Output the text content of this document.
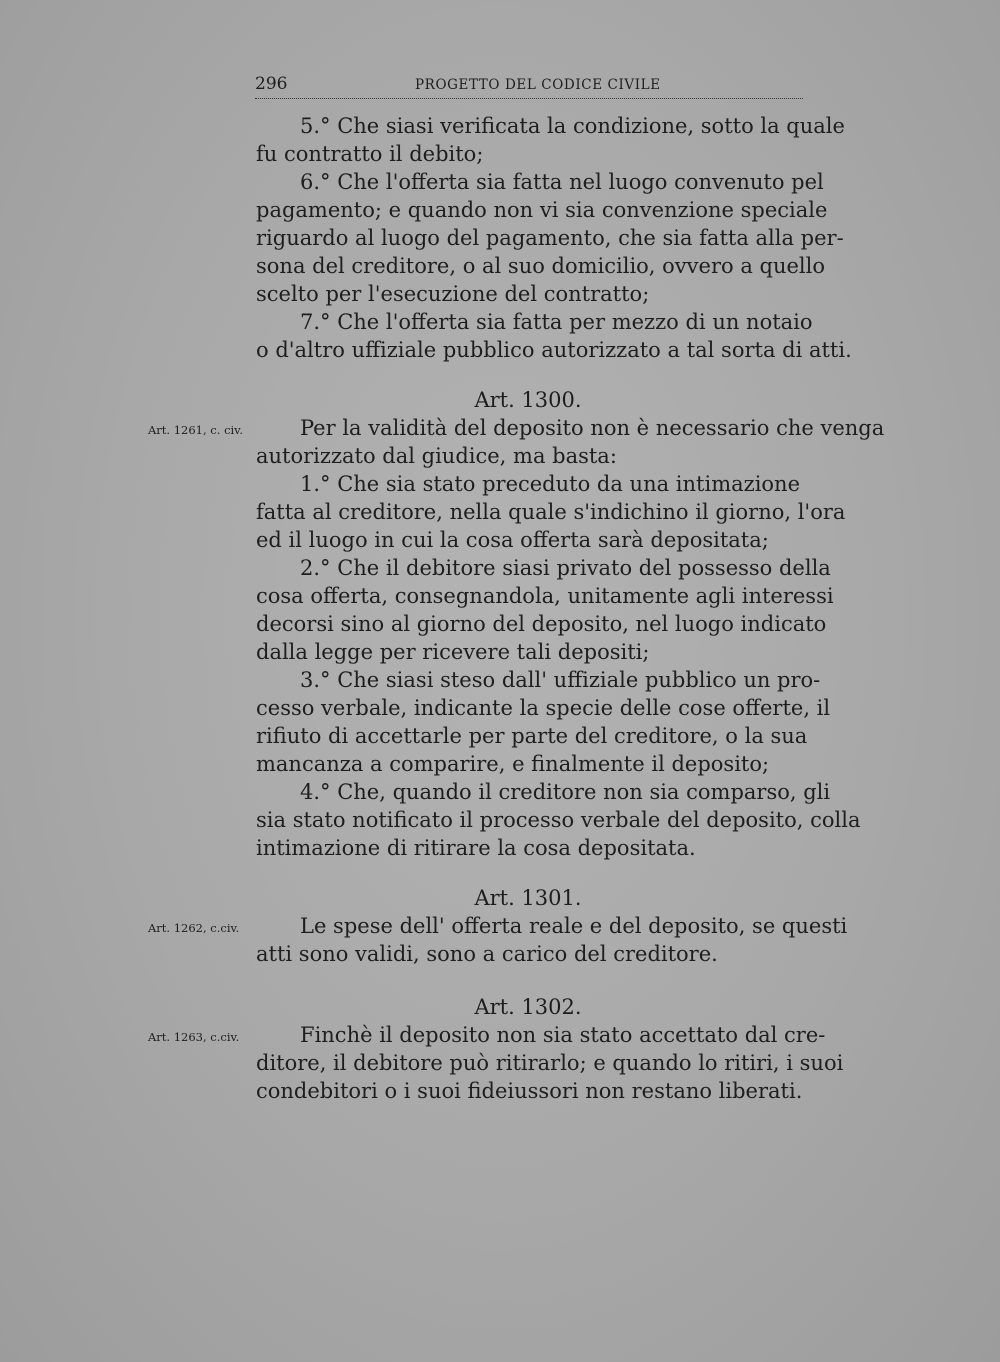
296	PROGETTO DEL CODICE CIVILE
5.° Che siasi verificata la condizione, sotto la quale
fu contratto il debito;
6.° Che l'offerta sia fatta nel luogo convenuto pel
pagamento; e quando non vi sia convenzione speciale
riguardo al luogo del pagamento, che sia fatta alla per-
sona del creditore, o al suo domicilio, ovvero a quello
scelto per l'esecuzione del contratto;
7.° Che l'offerta sia fatta per mezzo di un notaio
o d'altro uffiziale pubblico autorizzato a tal sorta di atti.
Art. 1300.
Art. 1261, c. civ.	Per la validità del deposito non è necessario che venga
autorizzato dal giudice, ma basta:
1.° Che sia stato preceduto da una intimazione
fatta al creditore, nella quale s'indichino il giorno, l'ora
ed il luogo in cui la cosa offerta sarà depositata;
2.° Che il debitore siasi privato del possesso della
cosa offerta, consegnandola, unitamente agli interessi
decorsi sino al giorno del deposito, nel luogo indicato
dalla legge per ricevere tali depositi;
3.° Che siasi steso dall' uffiziale pubblico un pro-
cesso verbale, indicante la specie delle cose offerte, il
rifiuto di accettarle per parte del creditore, o la sua
mancanza a comparire, e finalmente il deposito;
4.° Che, quando il creditore non sia comparso, gli
sia stato notificato il processo verbale del deposito, colla
intimazione di ritirare la cosa depositata.
Art. 1301.
Art. 1262, c.civ.	Le spese dell' offerta reale e del deposito, se questi
atti sono validi, sono a carico del creditore.
Art. 1302.
Art. 1263, c.civ.	Finchè il deposito non sia stato accettato dal cre-
ditore, il debitore può ritirarlo; e quando lo ritiri, i suoi
condebitori o i suoi fideiussori non restano liberati.
